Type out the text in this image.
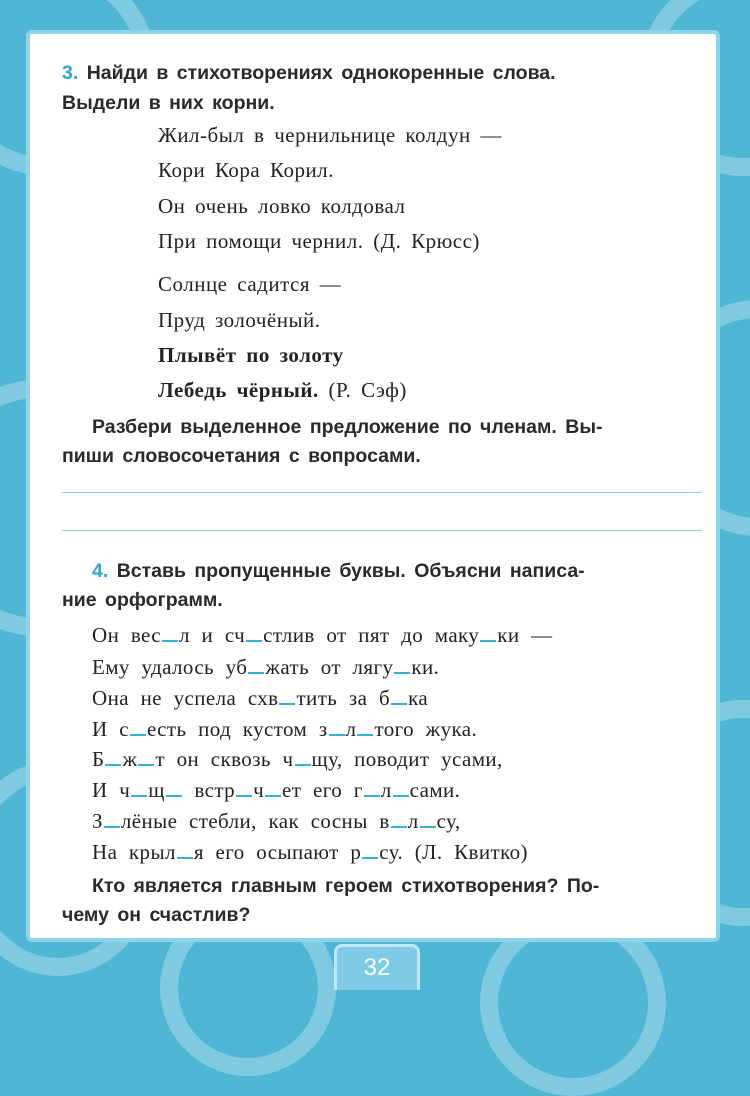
3. Найди в стихотворениях однокоренные слова.
Выдели в них корни.
Жил-был в чернильнице колдун —
Кори Кора Корил.
Он очень ловко колдовал
При помощи чернил. (Д. Крюсс)
Солнце садится —
Пруд золочёный.
Плывёт по золоту
Лебедь чёрный. (Р. Сэф)
Разбери выделенное предложение по членам. Вы-
пиши словосочетания с вопросами.
4. Вставь пропущенные буквы. Объясни написа-
ние орфограмм.
Он вес л и сч стлив от пят до маку ки —
Ему удалось уб жать от лягу ки.
Она не успела схв тить за б ка
И с есть под кустом з л того жука.
Б ж т он сквозь ч щу, поводит усами,
И ч щ встр ч ет его г л сами.
З лёные стебли, как сосны в л су,
На крыл я его осыпают р су. (Л. Квитко)
Кто является главным героем стихотворения? По-
чему он счастлив?
32
